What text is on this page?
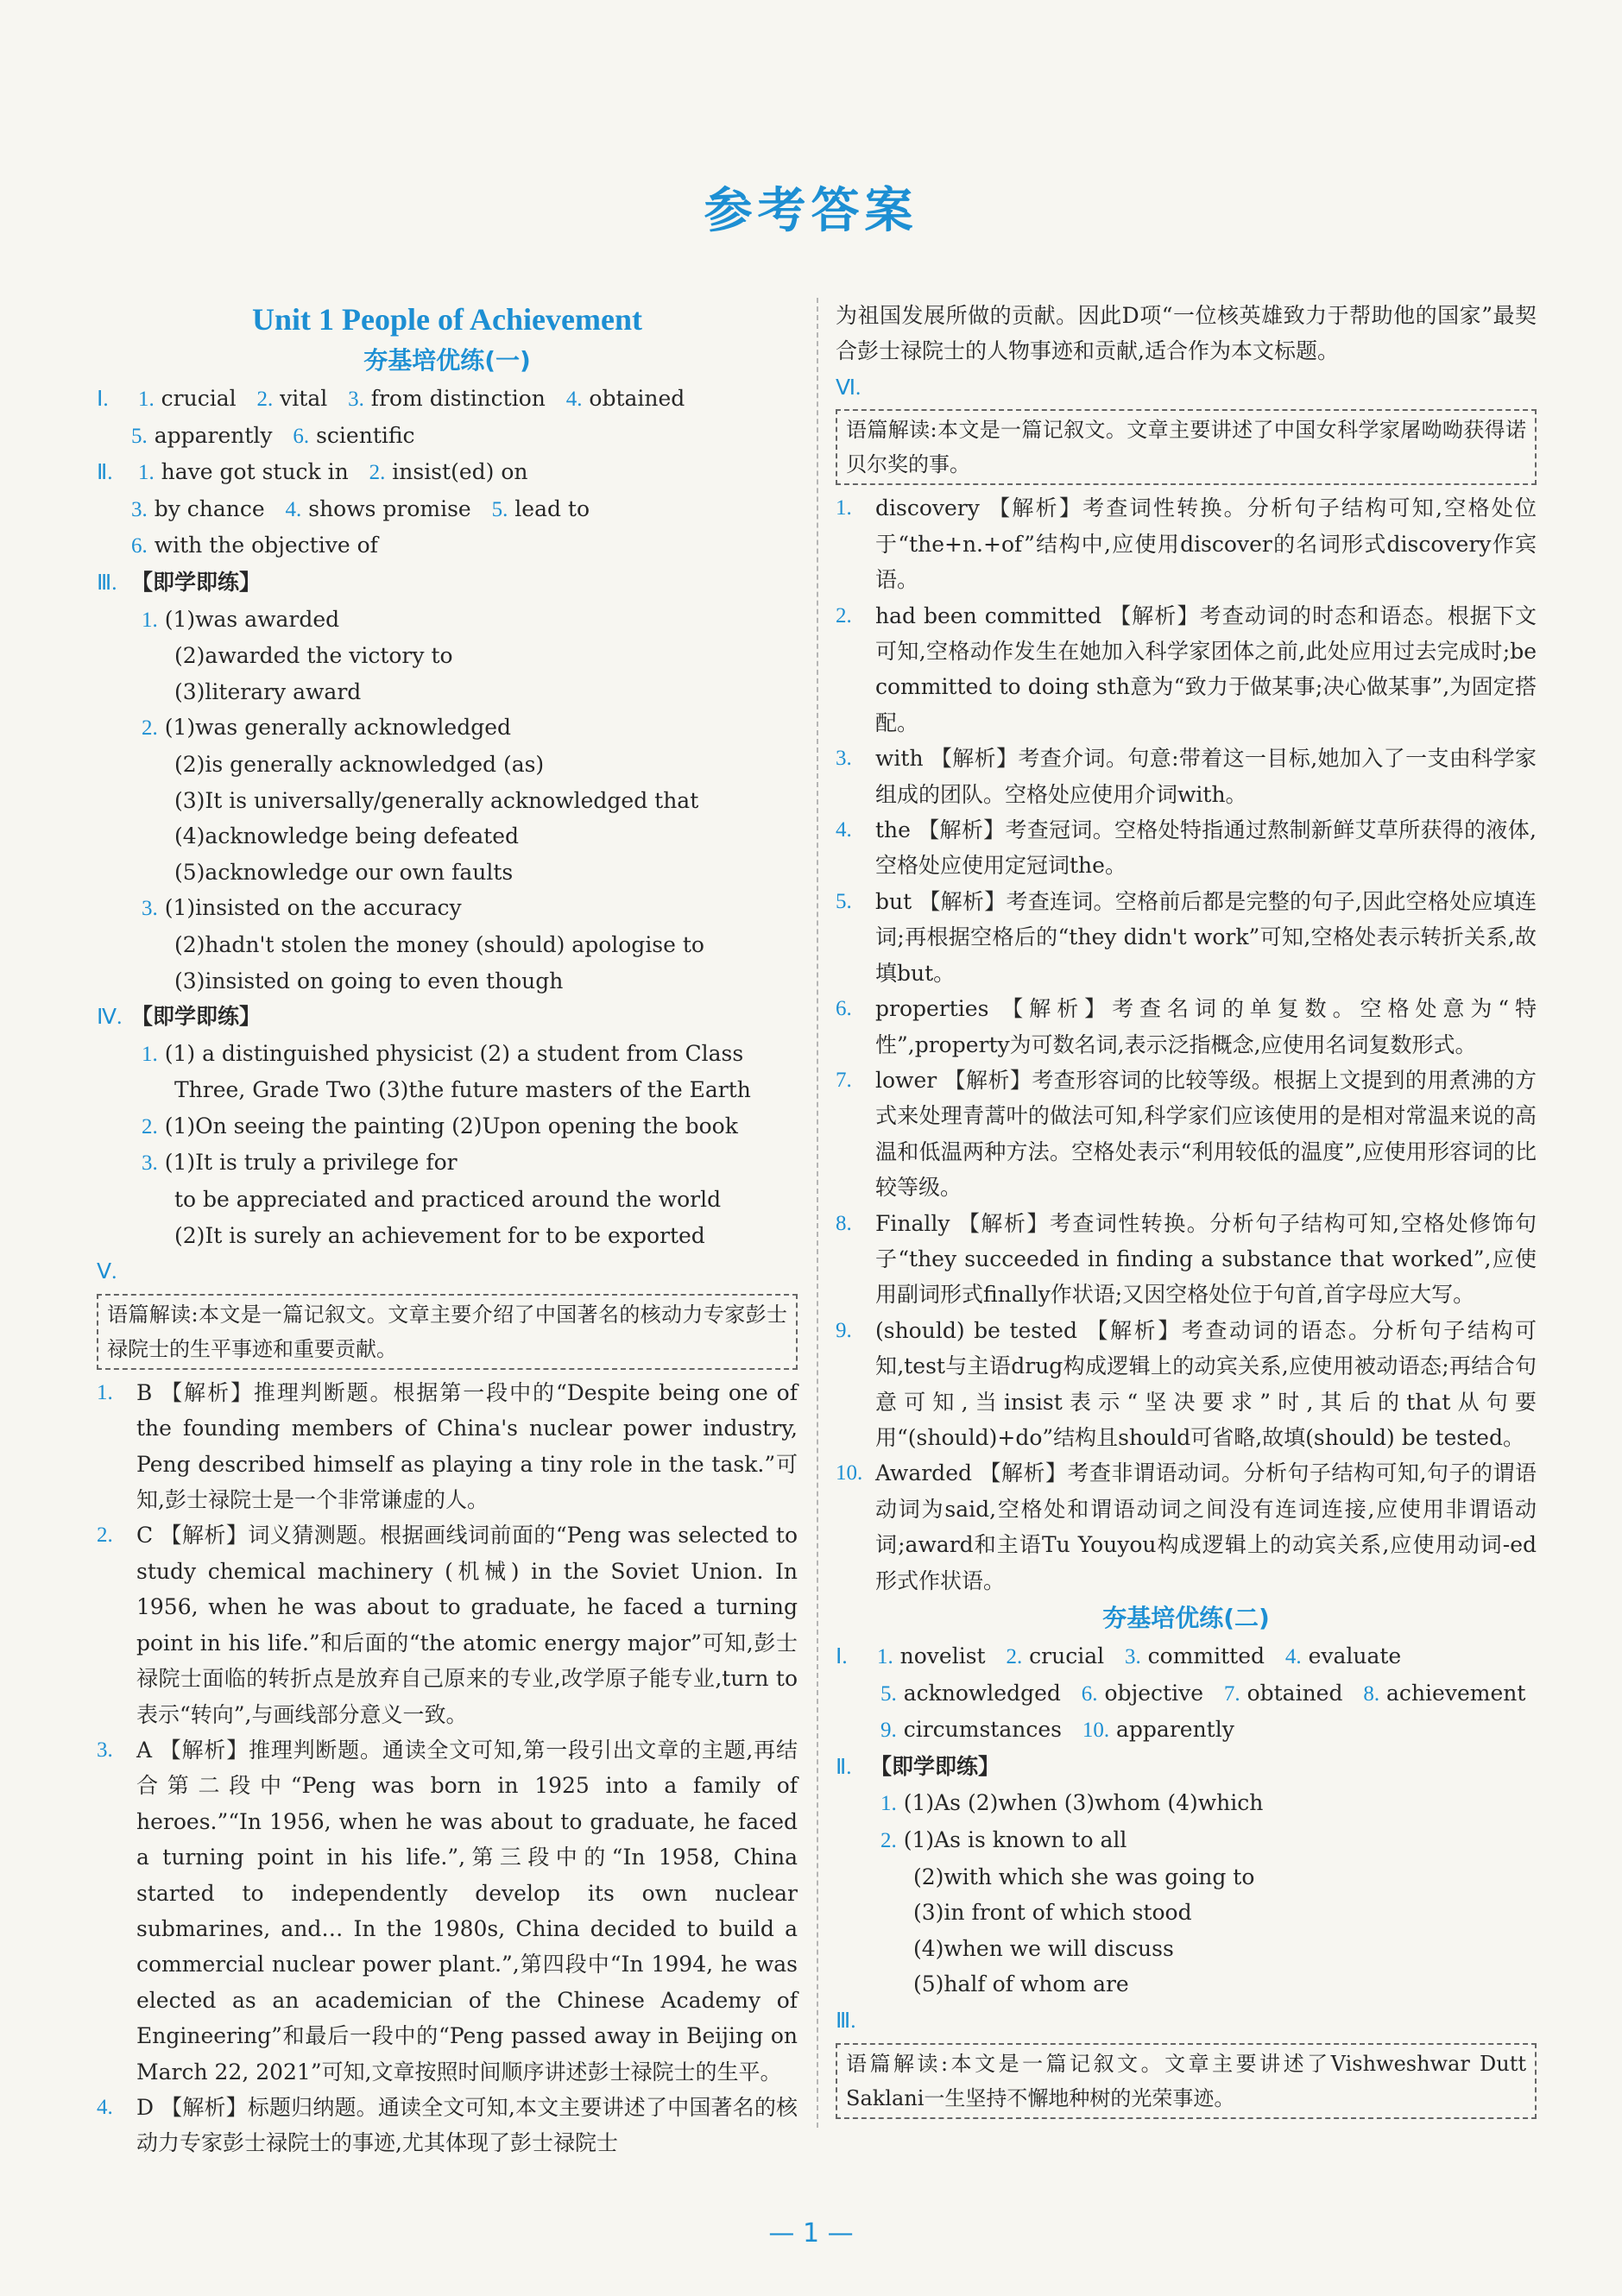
参考答案
Unit 1 People of Achievement
夯基培优练(一)
Ⅰ. 1. crucial 2. vital 3. from distinction 4. obtained
5. apparently 6. scientific
Ⅱ. 1. have got stuck in 2. insist(ed) on
3. by chance 4. shows promise 5. lead to
6. with the objective of
Ⅲ. 【即学即练】
1. (1)was awarded
(2)awarded the victory to
(3)literary award
2. (1)was generally acknowledged
(2)is generally acknowledged (as)
(3)It is universally/generally acknowledged that
(4)acknowledge being defeated
(5)acknowledge our own faults
3. (1)insisted on the accuracy
(2)hadn't stolen the money (should) apologise to
(3)insisted on going to even though
Ⅳ. 【即学即练】
1. (1) a distinguished physicist (2) a student from Class
Three, Grade Two (3)the future masters of the Earth
2. (1)On seeing the painting (2)Upon opening the book
3. (1)It is truly a privilege for
to be appreciated and practiced around the world
(2)It is surely an achievement for to be exported
Ⅴ.
语篇解读:本文是一篇记叙文。文章主要介绍了中国著名的核动力专家彭士禄院士的生平事迹和重要贡献。
1.	B 【解析】推理判断题。根据第一段中的“Despite being one of the founding members of China's nuclear power industry, Peng described himself as playing a tiny role in the task.”可知,彭士禄院士是一个非常谦虚的人。
2.	C 【解析】词义猜测题。根据画线词前面的“Peng was selected to study chemical machinery (机械) in the Soviet Union. In 1956, when he was about to graduate, he faced a turning point in his life.”和后面的“the atomic energy major”可知,彭士禄院士面临的转折点是放弃自己原来的专业,改学原子能专业,turn to表示“转向”,与画线部分意义一致。
3.	A 【解析】推理判断题。通读全文可知,第一段引出文章的主题,再结合第二段中“Peng was born in 1925 into a family of heroes.”“In 1956, when he was about to graduate, he faced a turning point in his life.”,第三段中的“In 1958, China started to independently develop its own nuclear submarines, and… In the 1980s, China decided to build a commercial nuclear power plant.”,第四段中“In 1994, he was elected as an academician of the Chinese Academy of Engineering”和最后一段中的“Peng passed away in Beijing on March 22, 2021”可知,文章按照时间顺序讲述彭士禄院士的生平。
4.	D 【解析】标题归纳题。通读全文可知,本文主要讲述了中国著名的核动力专家彭士禄院士的事迹,尤其体现了彭士禄院士
为祖国发展所做的贡献。因此D项“一位核英雄致力于帮助他的国家”最契合彭士禄院士的人物事迹和贡献,适合作为本文标题。
Ⅵ.
语篇解读:本文是一篇记叙文。文章主要讲述了中国女科学家屠呦呦获得诺贝尔奖的事。
1.	discovery 【解析】考查词性转换。分析句子结构可知,空格处位于“the+n.+of”结构中,应使用discover的名词形式discovery作宾语。
2.	had been committed 【解析】考查动词的时态和语态。根据下文可知,空格动作发生在她加入科学家团体之前,此处应用过去完成时;be committed to doing sth意为“致力于做某事;决心做某事”,为固定搭配。
3.	with 【解析】考查介词。句意:带着这一目标,她加入了一支由科学家组成的团队。空格处应使用介词with。
4.	the 【解析】考查冠词。空格处特指通过熬制新鲜艾草所获得的液体,空格处应使用定冠词the。
5.	but 【解析】考查连词。空格前后都是完整的句子,因此空格处应填连词;再根据空格后的“they didn't work”可知,空格处表示转折关系,故填but。
6.	properties 【解析】考查名词的单复数。空格处意为“特性”,property为可数名词,表示泛指概念,应使用名词复数形式。
7.	lower 【解析】考查形容词的比较等级。根据上文提到的用煮沸的方式来处理青蒿叶的做法可知,科学家们应该使用的是相对常温来说的高温和低温两种方法。空格处表示“利用较低的温度”,应使用形容词的比较等级。
8.	Finally 【解析】考查词性转换。分析句子结构可知,空格处修饰句子“they succeeded in finding a substance that worked”,应使用副词形式finally作状语;又因空格处位于句首,首字母应大写。
9.	(should) be tested 【解析】考查动词的语态。分析句子结构可知,test与主语drug构成逻辑上的动宾关系,应使用被动语态;再结合句意可知,当insist表示“坚决要求”时,其后的that从句要用“(should)+do”结构且should可省略,故填(should) be tested。
10. Awarded 【解析】考查非谓语动词。分析句子结构可知,句子的谓语动词为said,空格处和谓语动词之间没有连词连接,应使用非谓语动词;award和主语Tu Youyou构成逻辑上的动宾关系,应使用动词-ed形式作状语。
夯基培优练(二)
Ⅰ. 1. novelist 2. crucial 3. committed 4. evaluate
5. acknowledged 6. objective 7. obtained 8. achievement
9. circumstances 10. apparently
Ⅱ. 【即学即练】
1. (1)As (2)when (3)whom (4)which
2. (1)As is known to all
(2)with which she was going to
(3)in front of which stood
(4)when we will discuss
(5)half of whom are
Ⅲ.
语篇解读:本文是一篇记叙文。文章主要讲述了Vishweshwar Dutt Saklani一生坚持不懈地种树的光荣事迹。
— 1 —
